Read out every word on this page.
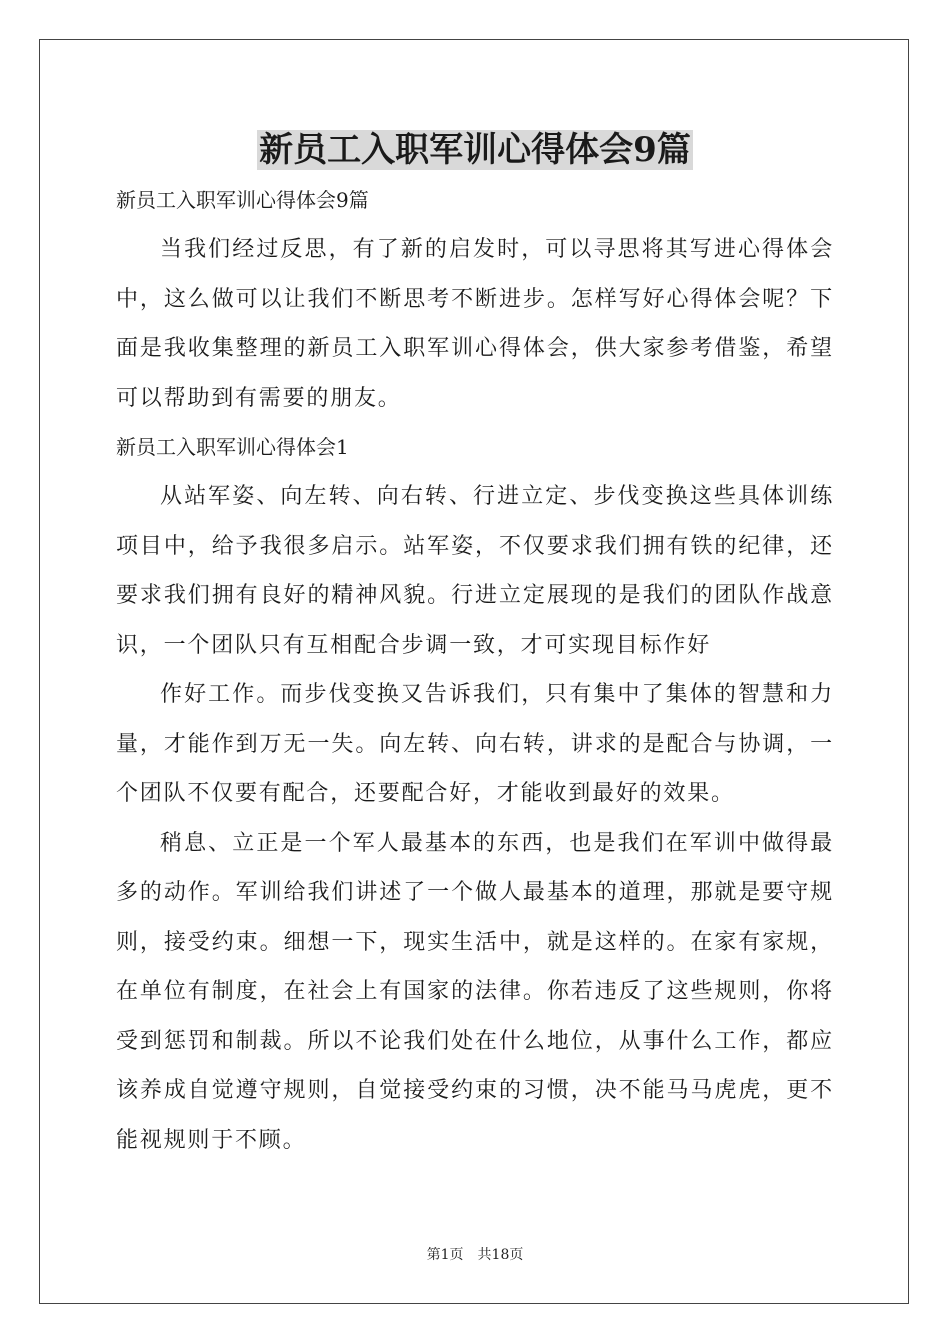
新员工入职军训心得体会9篇
新员工入职军训心得体会9篇
当我们经过反思，有了新的启发时，可以寻思将其写进心得体会中，这么做可以让我们不断思考不断进步。怎样写好心得体会呢？下面是我收集整理的新员工入职军训心得体会，供大家参考借鉴，希望可以帮助到有需要的朋友。
新员工入职军训心得体会1
从站军姿、向左转、向右转、行进立定、步伐变换这些具体训练项目中，给予我很多启示。站军姿，不仅要求我们拥有铁的纪律，还要求我们拥有良好的精神风貌。行进立定展现的是我们的团队作战意识，一个团队只有互相配合步调一致，才可实现目标作好
作好工作。而步伐变换又告诉我们，只有集中了集体的智慧和力量，才能作到万无一失。向左转、向右转，讲求的是配合与协调，一个团队不仅要有配合，还要配合好，才能收到最好的效果。
稍息、立正是一个军人最基本的东西，也是我们在军训中做得最多的动作。军训给我们讲述了一个做人最基本的道理，那就是要守规则，接受约束。细想一下，现实生活中，就是这样的。在家有家规，在单位有制度，在社会上有国家的法律。你若违反了这些规则，你将受到惩罚和制裁。所以不论我们处在什么地位，从事什么工作，都应该养成自觉遵守规则，自觉接受约束的习惯，决不能马马虎虎，更不能视规则于不顾。
第1页 共18页
